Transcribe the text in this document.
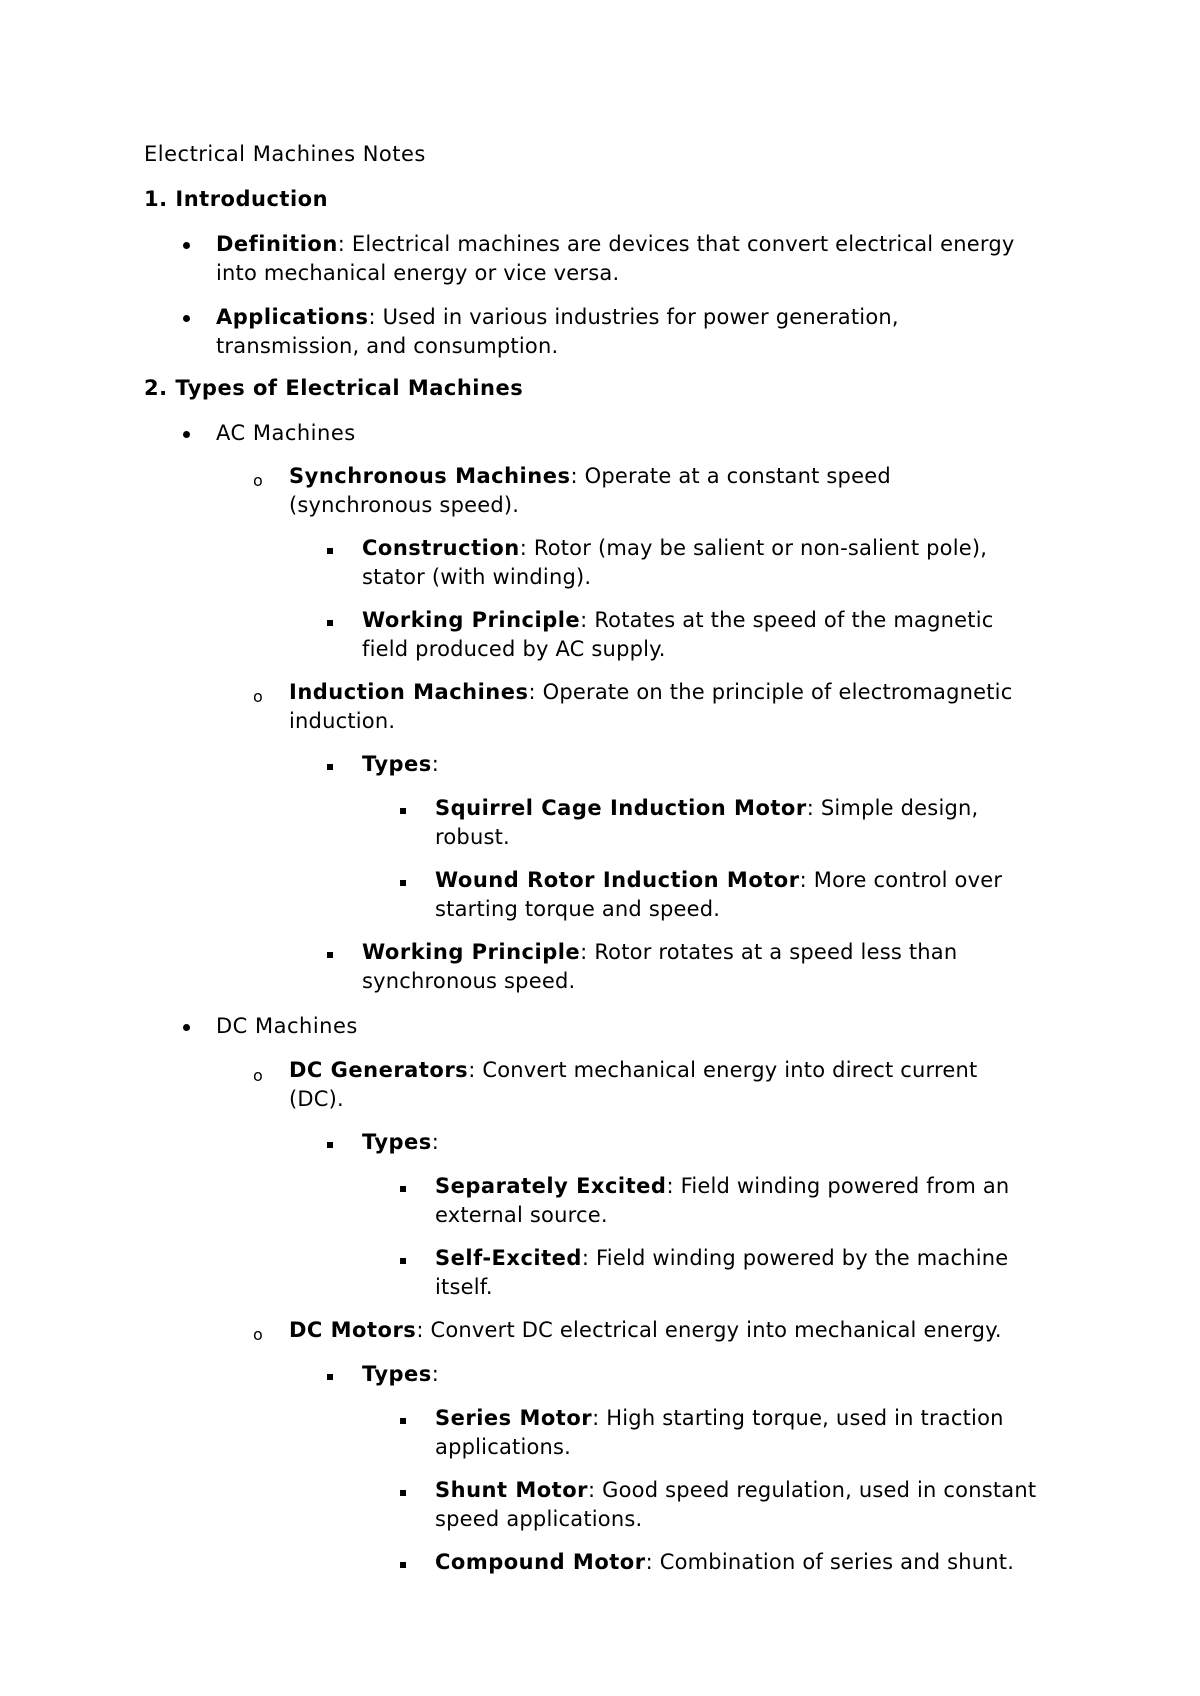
Electrical Machines Notes
1. Introduction
Definition: Electrical machines are devices that convert electrical energy
into mechanical energy or vice versa.
Applications: Used in various industries for power generation,
transmission, and consumption.
2. Types of Electrical Machines
AC Machines
o Synchronous Machines: Operate at a constant speed
(synchronous speed).
Construction: Rotor (may be salient or non-salient pole),
stator (with winding).
Working Principle: Rotates at the speed of the magnetic
field produced by AC supply.
o Induction Machines: Operate on the principle of electromagnetic
induction.
Types:
Squirrel Cage Induction Motor: Simple design,
robust.
Wound Rotor Induction Motor: More control over
starting torque and speed.
Working Principle: Rotor rotates at a speed less than
synchronous speed.
DC Machines
o DC Generators: Convert mechanical energy into direct current
(DC).
Types:
Separately Excited: Field winding powered from an
external source.
Self-Excited: Field winding powered by the machine
itself.
o DC Motors: Convert DC electrical energy into mechanical energy.
Types:
Series Motor: High starting torque, used in traction
applications.
Shunt Motor: Good speed regulation, used in constant
speed applications.
Compound Motor: Combination of series and shunt.
